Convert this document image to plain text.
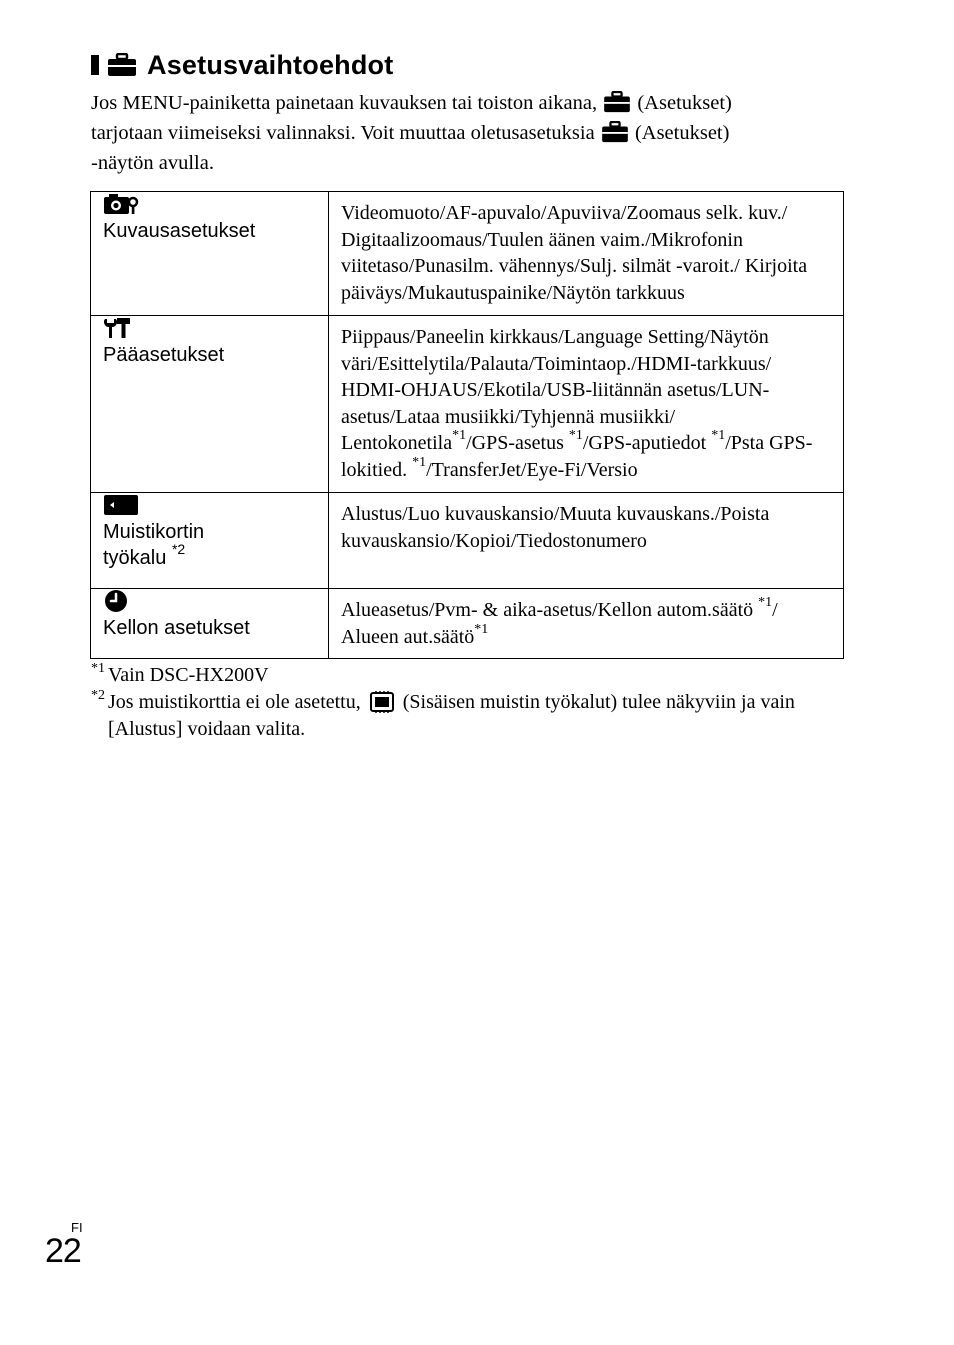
Asetusvaihtoehdot
Jos MENU-painiketta painetaan kuvauksen tai toiston aikana,  (Asetukset)
tarjotaan viimeiseksi valinnaksi. Voit muuttaa oletusasetuksia  (Asetukset)
-näytön avulla.
Kuvausasetukset	Videomuoto/AF-apuvalo/Apuviiva/Zoomaus selk. kuv./ Digitaalizoomaus/Tuulen äänen vaim./Mikrofonin viitetaso/Punasilm. vähennys/Sulj. silmät -varoit./ Kirjoita päiväys/Mukautuspainike/Näytön tarkkuus

Pääasetukset	Piippaus/Paneelin kirkkaus/Language Setting/Näytön väri/Esittelytila/Palauta/Toimintaop./HDMI-tarkkuus/ HDMI-OHJAUS/Ekotila/USB-liitännän asetus/LUN-asetus/Lataa musiikki/Tyhjennä musiikki/ Lentokonetila$^{*1}$/GPS-asetus $^{*1}$/GPS-aputiedot $^{*1}$/Psta GPS-lokitied. $^{*1}$/TransferJet/Eye-Fi/Versio

Muistikortin
työkalu $^{*2}$	Alustus/Luo kuvauskansio/Muuta kuvauskans./Poista kuvauskansio/Kopioi/Tiedostonumero

Kellon asetukset	Alueasetus/Pvm- & aika-asetus/Kellon autom.säätö $^{*1}$/ Alueen aut.säätö$^{*1}$
*1 Vain DSC-HX200V
*2 Jos muistikorttia ei ole asetettu,  (Sisäisen muistin työkalut) tulee näkyviin ja vain [Alustus] voidaan valita.
FI
22
